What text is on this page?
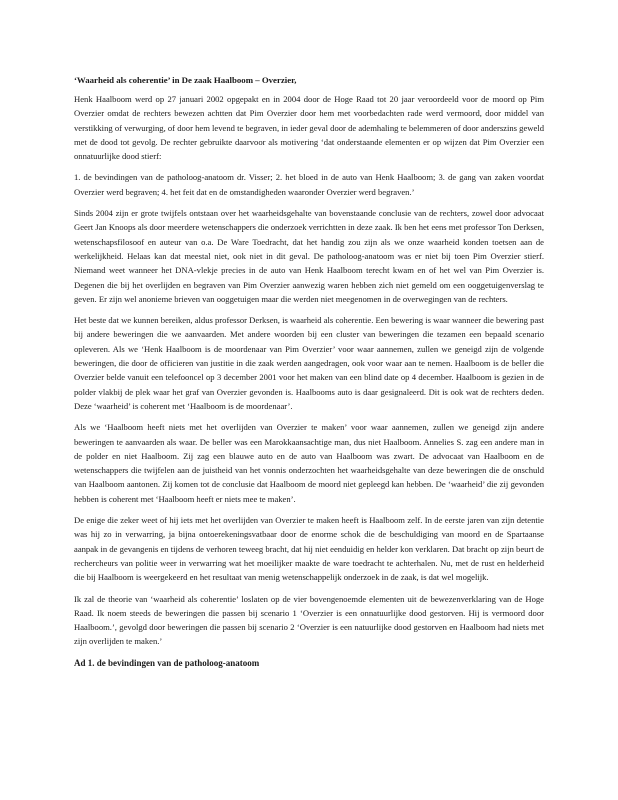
‘Waarheid als coherentie’ in De zaak Haalboom – Overzier,

Henk Haalboom werd op 27 januari 2002 opgepakt en in 2004 door de Hoge Raad tot 20 jaar veroordeeld voor de moord op Pim Overzier omdat de rechters bewezen achtten dat Pim Overzier door hem met voorbedachten rade werd vermoord, door middel van verstikking of verwurging, of door hem levend te begraven, in ieder geval door de ademhaling te belemmeren of door anderszins geweld met de dood tot gevolg. De rechter gebruikte daarvoor als motivering ‘dat onderstaande elementen er op wijzen dat Pim Overzier een onnatuurlijke dood stierf:

1. de bevindingen van de patholoog-anatoom dr. Visser; 2. het bloed in de auto van Henk Haalboom; 3. de gang van zaken voordat Overzier werd begraven; 4. het feit dat en de omstandigheden waaronder Overzier werd begraven.’

Sinds 2004 zijn er grote twijfels ontstaan over het waarheidsgehalte van bovenstaande conclusie van de rechters, zowel door advocaat Geert Jan Knoops als door meerdere wetenschappers die onderzoek verrichtten in deze zaak. Ik ben het eens met professor Ton Derksen, wetenschapsfilosoof en auteur van o.a. De Ware Toedracht, dat het handig zou zijn als we onze waarheid konden toetsen aan de werkelijkheid. Helaas kan dat meestal niet, ook niet in dit geval. De patholoog-anatoom was er niet bij toen Pim Overzier stierf. Niemand weet wanneer het DNA-vlekje precies in de auto van Henk Haalboom terecht kwam en of het wel van Pim Overzier is. Degenen die bij het overlijden en begraven van Pim Overzier aanwezig waren hebben zich niet gemeld om een ooggetuigenverslag te geven. Er zijn wel anonieme brieven van ooggetuigen maar die werden niet meegenomen in de overwegingen van de rechters.

Het beste dat we kunnen bereiken, aldus professor Derksen, is waarheid als coherentie. Een bewering is waar wanneer die bewering past bij andere beweringen die we aanvaarden. Met andere woorden bij een cluster van beweringen die tezamen een bepaald scenario opleveren. Als we ‘Henk Haalboom is de moordenaar van Pim Overzier’ voor waar aannemen, zullen we geneigd zijn de volgende beweringen, die door de officieren van justitie in die zaak werden aangedragen, ook voor waar aan te nemen. Haalboom is de beller die Overzier belde vanuit een telefooncel op 3 december 2001 voor het maken van een blind date op 4 december. Haalboom is gezien in de polder vlakbij de plek waar het graf van Overzier gevonden is. Haalbooms auto is daar gesignaleerd. Dit is ook wat de rechters deden. Deze ‘waarheid’ is coherent met ‘Haalboom is de moordenaar’.

Als we ‘Haalboom heeft niets met het overlijden van Overzier te maken’ voor waar aannemen, zullen we geneigd zijn andere beweringen te aanvaarden als waar. De beller was een Marokkaansachtige man, dus niet Haalboom. Annelies S. zag een andere man in de polder en niet Haalboom. Zij zag een blauwe auto en de auto van Haalboom was zwart. De advocaat van Haalboom en de wetenschappers die twijfelen aan de juistheid van het vonnis onderzochten het waarheidsgehalte van deze beweringen die de onschuld van Haalboom aantonen. Zij komen tot de conclusie dat Haalboom de moord niet gepleegd kan hebben. De ‘waarheid’ die zij gevonden hebben is coherent met ‘Haalboom heeft er niets mee te maken’.

De enige die zeker weet of hij iets met het overlijden van Overzier te maken heeft is Haalboom zelf. In de eerste jaren van zijn detentie was hij zo in verwarring, ja bijna ontoerekeningsvatbaar door de enorme schok die de beschuldiging van moord en de Spartaanse aanpak in de gevangenis en tijdens de verhoren teweeg bracht, dat hij niet eenduidig en helder kon verklaren. Dat bracht op zijn beurt de rechercheurs van politie weer in verwarring wat het moeilijker maakte de ware toedracht te achterhalen. Nu, met de rust en helderheid die bij Haalboom is weergekeerd en het resultaat van menig wetenschappelijk onderzoek in de zaak, is dat wel mogelijk.

Ik zal de theorie van ‘waarheid als coherentie’ loslaten op de vier bovengenoemde elementen uit de bewezenverklaring van de Hoge Raad. Ik noem steeds de beweringen die passen bij scenario 1 ‘Overzier is een onnatuurlijke dood gestorven. Hij is vermoord door Haalboom.’, gevolgd door beweringen die passen bij scenario 2 ‘Overzier is een natuurlijke dood gestorven en Haalboom had niets met zijn overlijden te maken.’

Ad 1. de bevindingen van de patholoog-anatoom
